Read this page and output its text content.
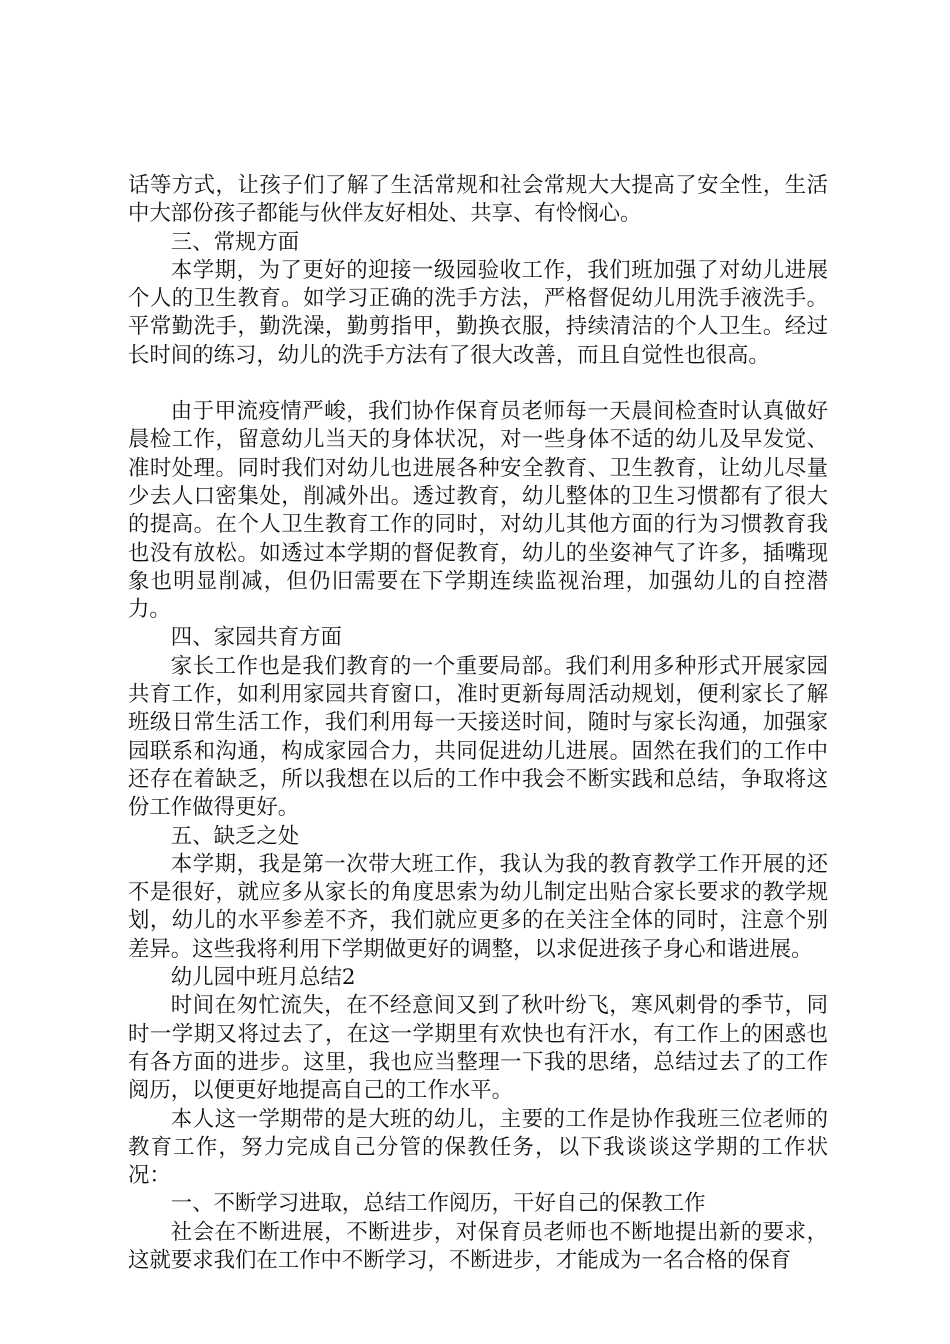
话等方式，让孩子们了解了生活常规和社会常规大大提高了安全性，生活中大部份孩子都能与伙伴友好相处、共享、有怜悯心。

三、常规方面

本学期，为了更好的迎接一级园验收工作，我们班加强了对幼儿进展个人的卫生教育。如学习正确的洗手方法，严格督促幼儿用洗手液洗手。平常勤洗手，勤洗澡，勤剪指甲，勤换衣服，持续清洁的个人卫生。经过长时间的练习，幼儿的洗手方法有了很大改善，而且自觉性也很高。

由于甲流疫情严峻，我们协作保育员老师每一天晨间检查时认真做好晨检工作，留意幼儿当天的身体状况，对一些身体不适的幼儿及早发觉、准时处理。同时我们对幼儿也进展各种安全教育、卫生教育，让幼儿尽量少去人口密集处，削减外出。透过教育，幼儿整体的卫生习惯都有了很大的提高。在个人卫生教育工作的同时，对幼儿其他方面的行为习惯教育我也没有放松。如透过本学期的督促教育，幼儿的坐姿神气了许多，插嘴现象也明显削减，但仍旧需要在下学期连续监视治理，加强幼儿的自控潜力。

四、家园共育方面

家长工作也是我们教育的一个重要局部。我们利用多种形式开展家园共育工作，如利用家园共育窗口，准时更新每周活动规划，便利家长了解班级日常生活工作，我们利用每一天接送时间，随时与家长沟通，加强家园联系和沟通，构成家园合力，共同促进幼儿进展。固然在我们的工作中还存在着缺乏，所以我想在以后的工作中我会不断实践和总结，争取将这份工作做得更好。

五、缺乏之处

本学期，我是第一次带大班工作，我认为我的教育教学工作开展的还不是很好，就应多从家长的角度思索为幼儿制定出贴合家长要求的教学规划，幼儿的水平参差不齐，我们就应更多的在关注全体的同时，注意个别差异。这些我将利用下学期做更好的调整，以求促进孩子身心和谐进展。

幼儿园中班月总结2

时间在匆忙流失，在不经意间又到了秋叶纷飞，寒风刺骨的季节，同时一学期又将过去了，在这一学期里有欢快也有汗水，有工作上的困惑也有各方面的进步。这里，我也应当整理一下我的思绪，总结过去了的工作阅历，以便更好地提高自己的工作水平。

本人这一学期带的是大班的幼儿，主要的工作是协作我班三位老师的教育工作，努力完成自己分管的保教任务，以下我谈谈这学期的工作状况：

一、不断学习进取，总结工作阅历，干好自己的保教工作

社会在不断进展，不断进步，对保育员老师也不断地提出新的要求，这就要求我们在工作中不断学习，不断进步，才能成为一名合格的保育
